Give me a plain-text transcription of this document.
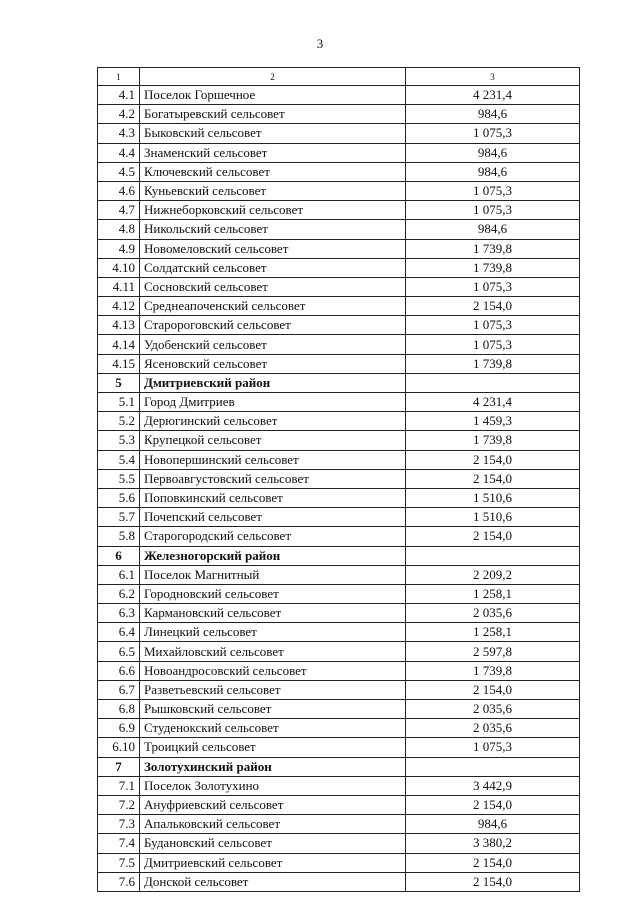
3
1	2	3
4.1	Поселок Горшечное	4 231,4
4.2	Богатыревский сельсовет	984,6
4.3	Быковский сельсовет	1 075,3
4.4	Знаменский сельсовет	984,6
4.5	Ключевский сельсовет	984,6
4.6	Куньевский сельсовет	1 075,3
4.7	Нижнеборковский сельсовет	1 075,3
4.8	Никольский сельсовет	984,6
4.9	Новомеловский сельсовет	1 739,8
4.10	Солдатский сельсовет	1 739,8
4.11	Сосновский сельсовет	1 075,3
4.12	Среднеапоченский сельсовет	2 154,0
4.13	Старороговский сельсовет	1 075,3
4.14	Удобенский сельсовет	1 075,3
4.15	Ясеновский сельсовет	1 739,8
5	Дмитриевский район	
5.1	Город Дмитриев	4 231,4
5.2	Дерюгинский сельсовет	1 459,3
5.3	Крупецкой сельсовет	1 739,8
5.4	Новопершинский сельсовет	2 154,0
5.5	Первоавгустовский сельсовет	2 154,0
5.6	Поповкинский сельсовет	1 510,6
5.7	Почепский сельсовет	1 510,6
5.8	Старогородский сельсовет	2 154,0
6	Железногорский район	
6.1	Поселок Магнитный	2 209,2
6.2	Городновский сельсовет	1 258,1
6.3	Кармановский сельсовет	2 035,6
6.4	Линецкий сельсовет	1 258,1
6.5	Михайловский сельсовет	2 597,8
6.6	Новоандросовский сельсовет	1 739,8
6.7	Разветьевский сельсовет	2 154,0
6.8	Рышковский сельсовет	2 035,6
6.9	Студенокский сельсовет	2 035,6
6.10	Троицкий сельсовет	1 075,3
7	Золотухинский район	
7.1	Поселок Золотухино	3 442,9
7.2	Ануфриевский сельсовет	2 154,0
7.3	Апальковский сельсовет	984,6
7.4	Будановский сельсовет	3 380,2
7.5	Дмитриевский сельсовет	2 154,0
7.6	Донской сельсовет	2 154,0
